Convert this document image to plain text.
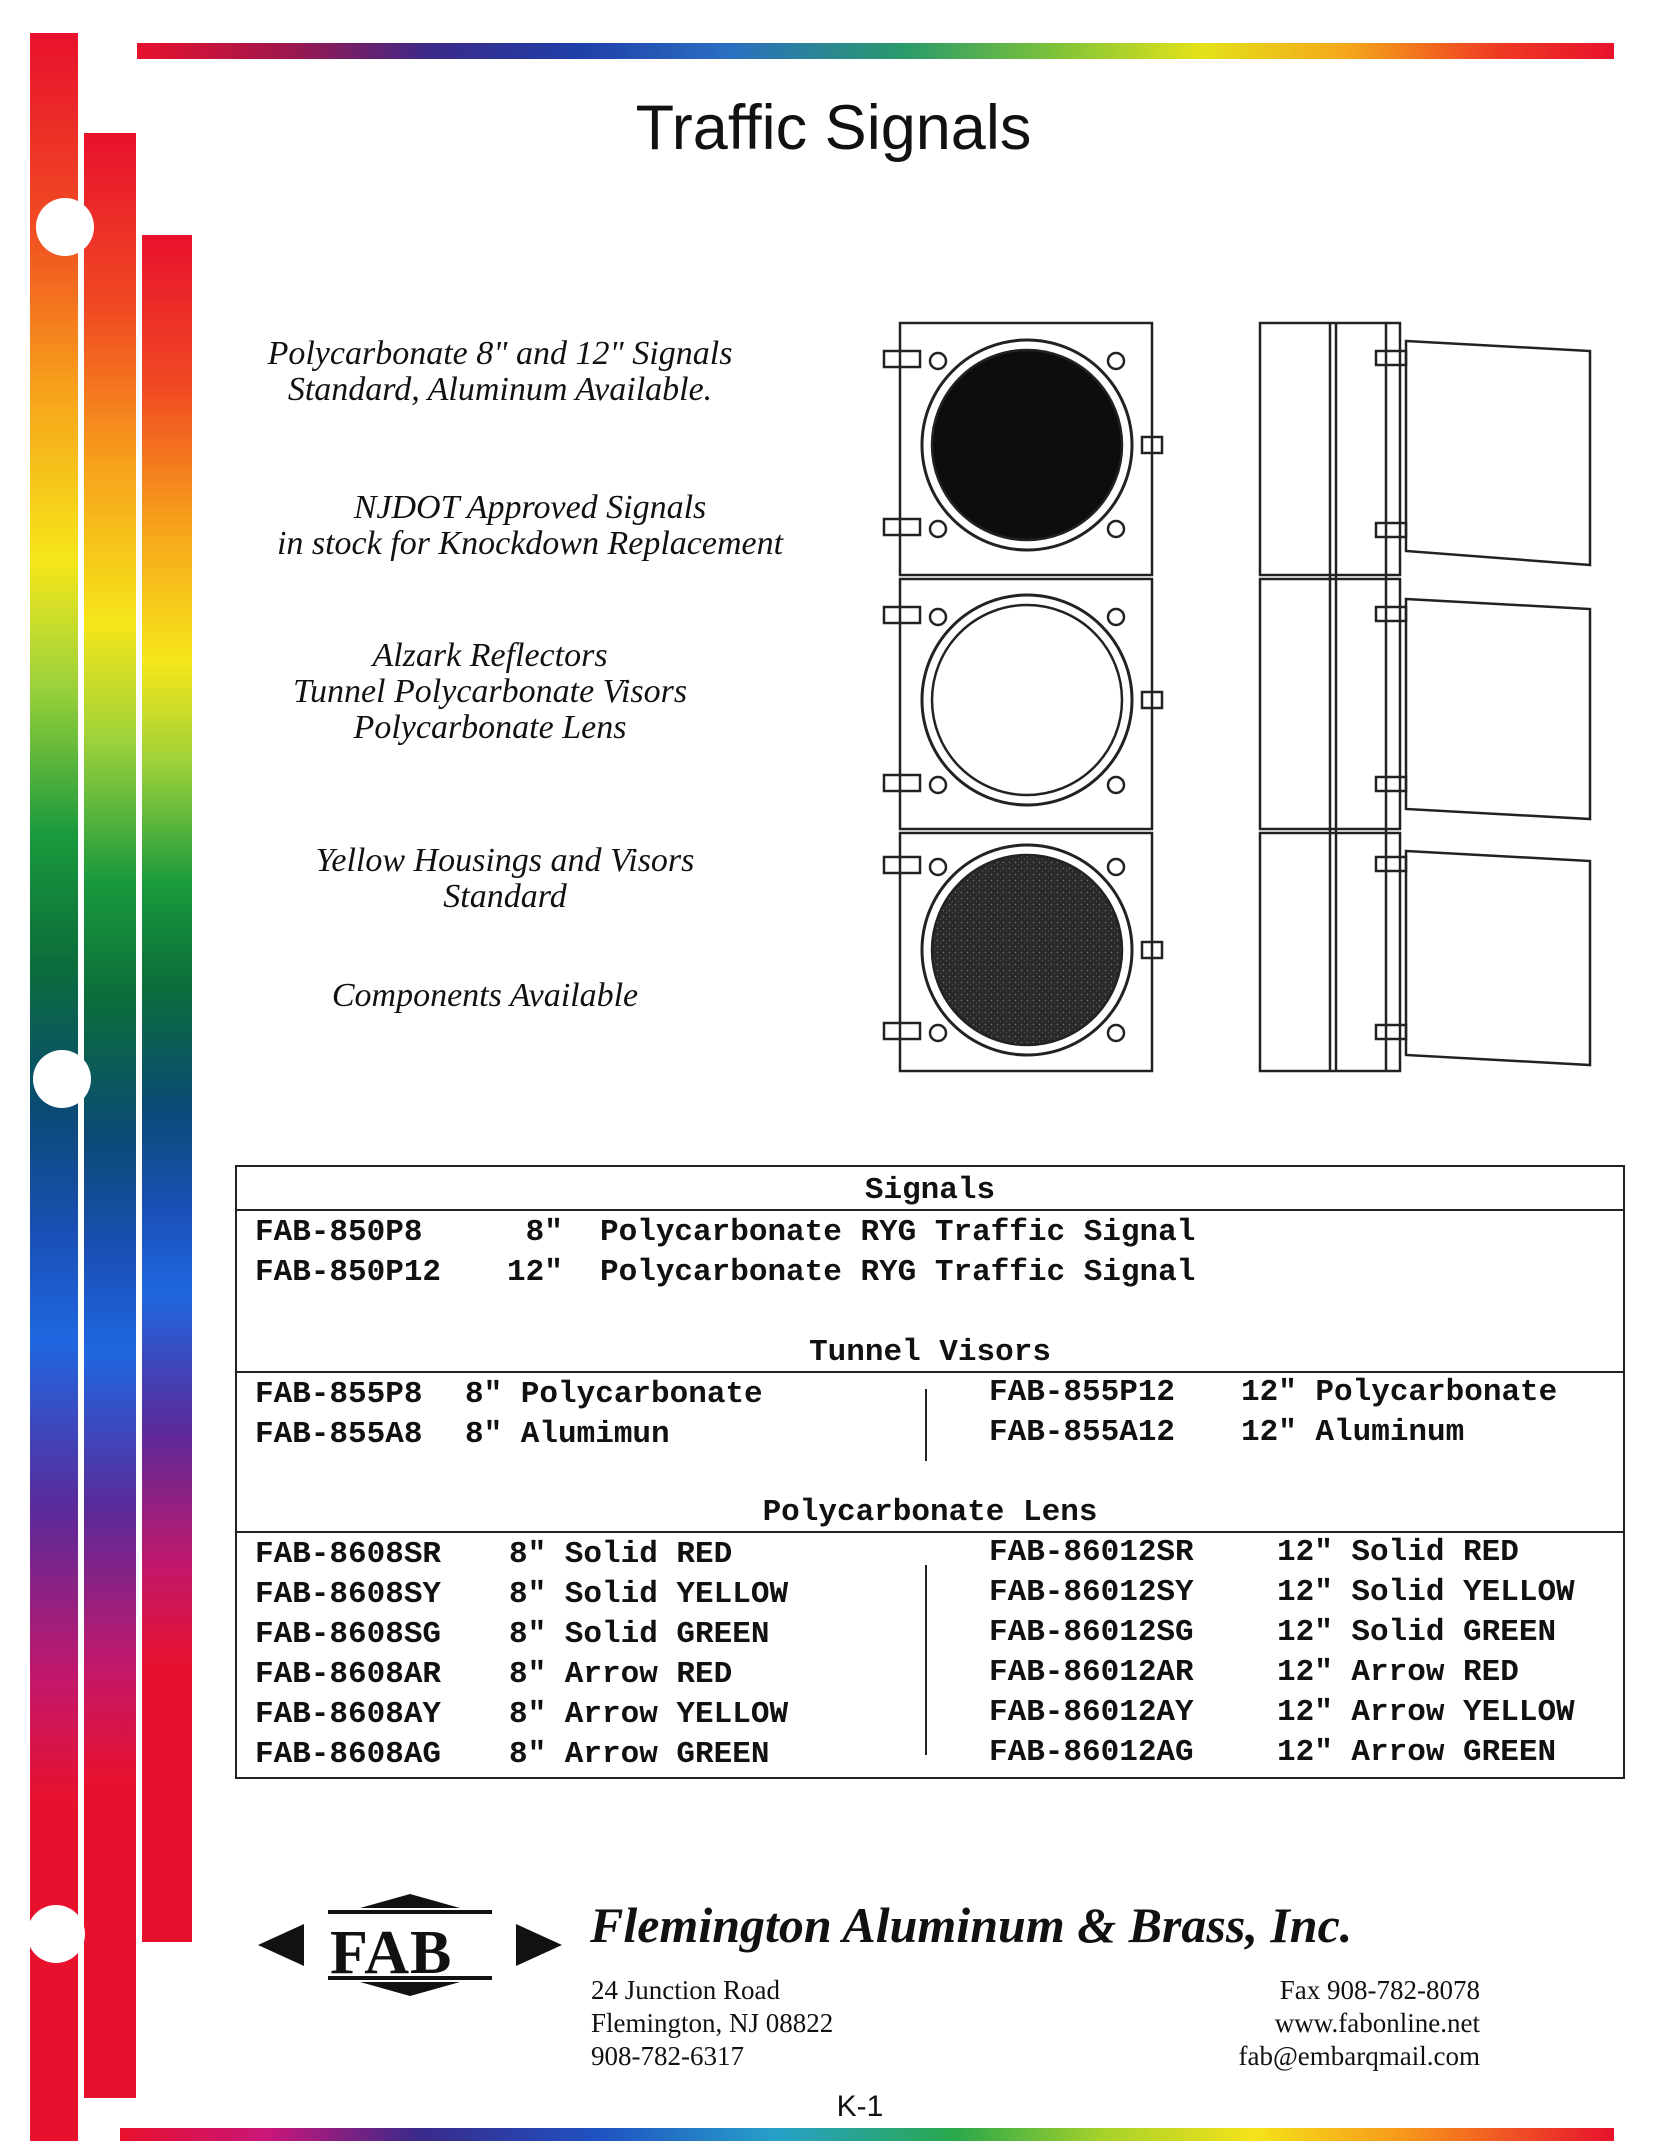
Traffic Signals
Polycarbonate 8" and 12" Signals
Standard, Aluminum Available.
NJDOT Approved Signals
in stock for Knockdown Replacement
Alzark Reflectors
Tunnel Polycarbonate Visors
Polycarbonate Lens
Yellow Housings and Visors
Standard
Components Available
Signals
FAB-850P8	8"  Polycarbonate RYG Traffic Signal
FAB-850P12 12"  Polycarbonate RYG Traffic Signal
Tunnel Visors
FAB-855P8 8" Polycarbonate
FAB-855A8 8" Alumimun
FAB-855P12 12" Polycarbonate
FAB-855A12 12" Aluminum
Polycarbonate Lens
FAB-8608SR 8" Solid RED
FAB-8608SY 8" Solid YELLOW
FAB-8608SG 8" Solid GREEN
FAB-8608AR 8" Arrow RED
FAB-8608AY 8" Arrow YELLOW
FAB-8608AG 8" Arrow GREEN
FAB-86012SR	12" Solid RED
FAB-86012SY	12" Solid YELLOW
FAB-86012SG	12" Solid GREEN
FAB-86012AR	12" Arrow RED
FAB-86012AY	12" Arrow YELLOW
FAB-86012AG	12" Arrow GREEN
FAB	Flemington Aluminum & Brass, Inc.
24 Junction Road
Flemington, NJ 08822
908-782-6317
Fax 908-782-8078
www.fabonline.net
fab@embarqmail.com
K-1
